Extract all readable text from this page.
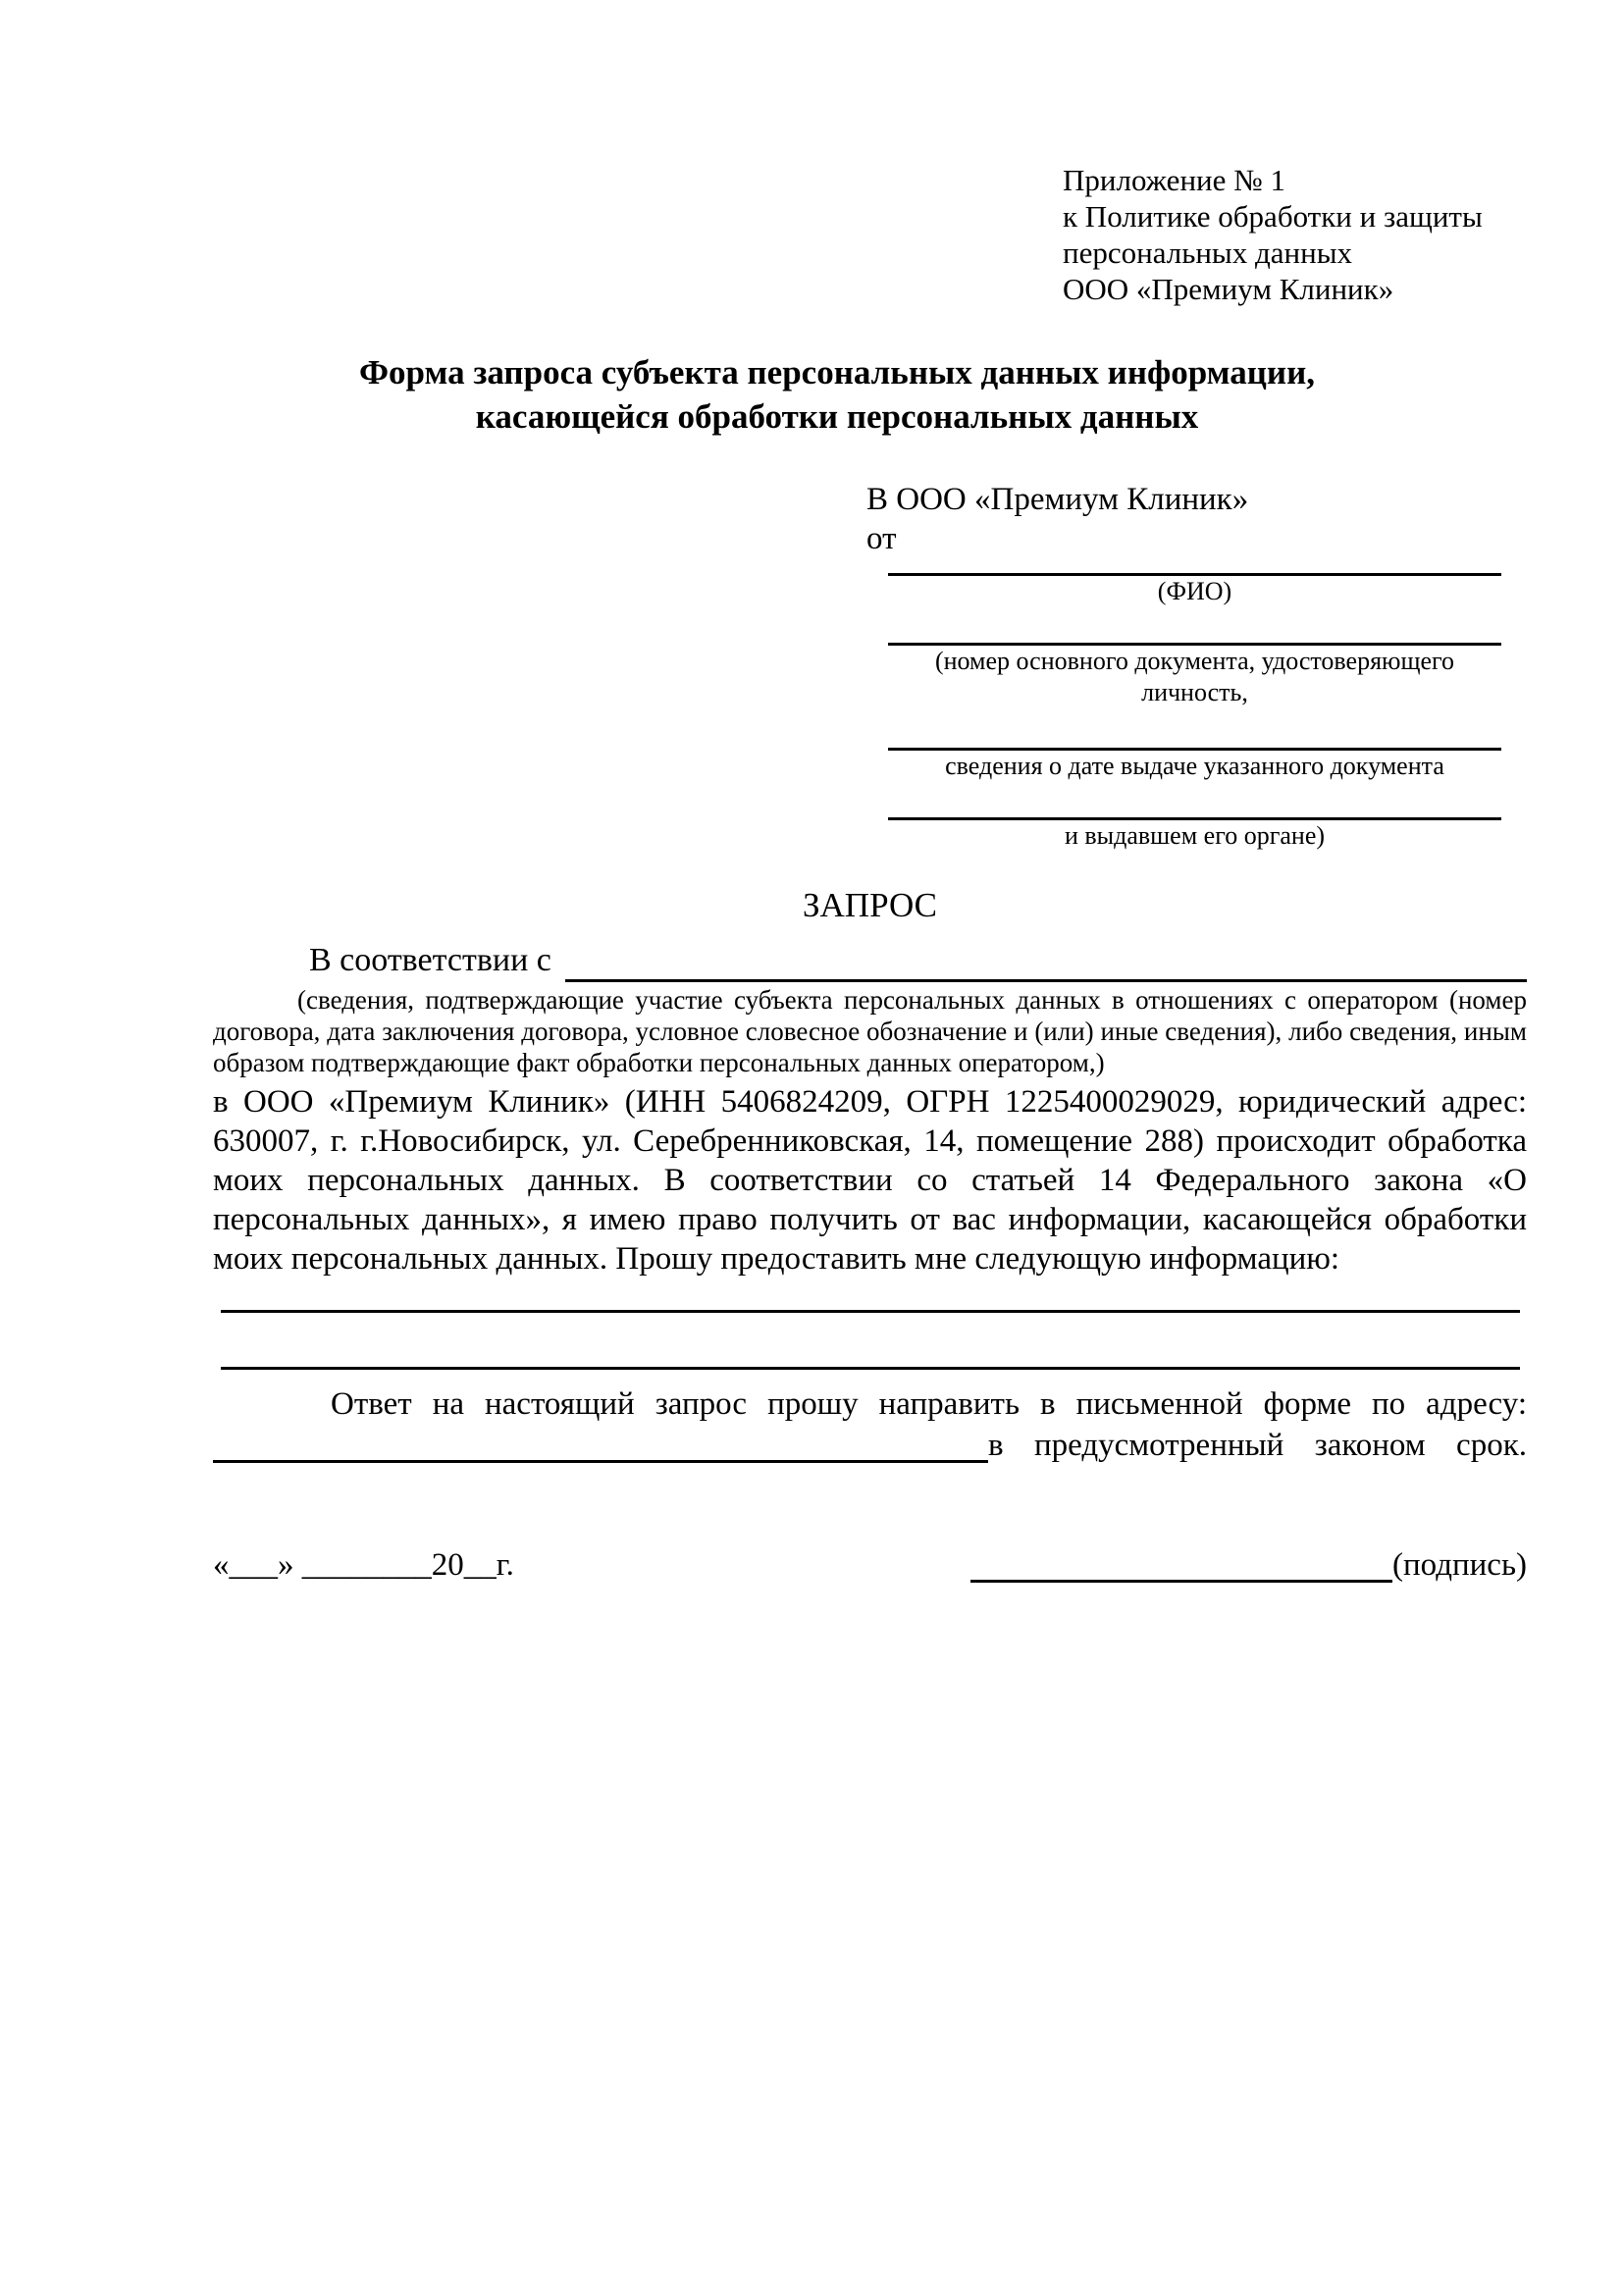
Приложение № 1
к Политике обработки и защиты
персональных данных
ООО «Премиум Клиник»
Форма запроса субъекта персональных данных информации,
касающейся обработки персональных данных
В ООО «Премиум Клиник»
от
(ФИО)
(номер основного документа, удостоверяющего личность,
сведения о дате выдаче указанного документа
и выдавшем его органе)
ЗАПРОС
В соответствии с
(сведения, подтверждающие участие субъекта персональных данных в отношениях с оператором (номер договора, дата заключения договора, условное словесное обозначение и (или) иные сведения), либо сведения, иным образом подтверждающие факт обработки персональных данных оператором,)
в ООО «Премиум Клиник» (ИНН 5406824209, ОГРН 1225400029029, юридический адрес: 630007, г. г.Новосибирск, ул. Серебренниковская, 14, помещение 288) происходит обработка моих персональных данных. В соответствии со статьей 14 Федерального закона «О персональных данных», я имею право получить от вас информации, касающейся обработки моих персональных данных. Прошу предоставить мне следующую информацию:
Ответ на настоящий запрос прошу направить в письменной форме по адресу: в предусмотренный законом срок.
«___» ________20__г.	(подпись)
